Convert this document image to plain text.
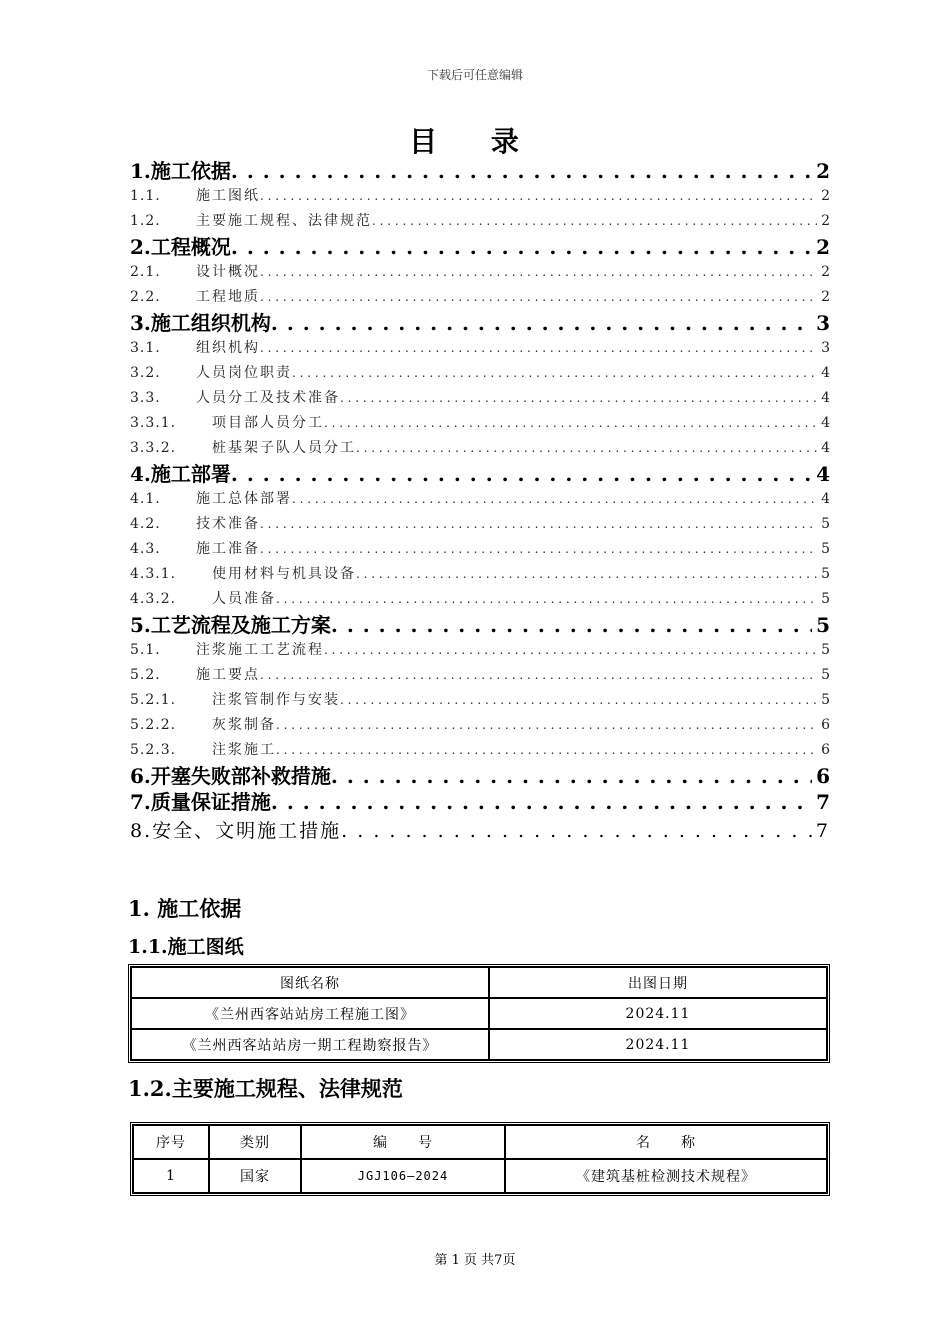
下载后可任意编辑
目 录
1. 施工依据 . . .	2
1.1.	施工图纸 . . .	2
1.2.	主要施工规程、法律规范 . . .	2
2. 工程概况 . . .	2
2.1.	设计概况 . . .	2
2.2.	工程地质 . . .	2
3. 施工组织机构 . . .	3
3.1.	组织机构 . . .	3
3.2.	人员岗位职责 . . .	4
3.3.	人员分工及技术准备 . . .	4
3.3.1.	项目部人员分工 . . .	4
3.3.2.	桩基架子队人员分工 . . .	4
4. 施工部署 . . .	4
4.1.	施工总体部署 . . .	4
4.2.	技术准备 . . .	5
4.3.	施工准备 . . .	5
4.3.1.	使用材料与机具设备 . . .	5
4.3.2.	人员准备 . . .	5
5. 工艺流程及施工方案 . . .	5
5.1.	注浆施工工艺流程 . . .	5
5.2.	施工要点 . . .	5
5.2.1.	注浆管制作与安装 . . .	5
5.2.2.	灰浆制备 . . .	6
5.2.3.	注浆施工 . . .	6
6. 开塞失败部补救措施 . . .	6
7. 质量保证措施 . . .	7
8. 安全、文明施工措施 . . .	7
1. 施工依据
1.1.施工图纸
图纸名称	出图日期
《兰州西客站站房工程施工图》	2024.11
《兰州西客站站房一期工程勘察报告》	2024.11
1.2.主要施工规程、法律规范
序号	类别	编　　号	名　　称
1	国家	JGJ106—2024	《建筑基桩检测技术规程》
第 1 页 共7页
